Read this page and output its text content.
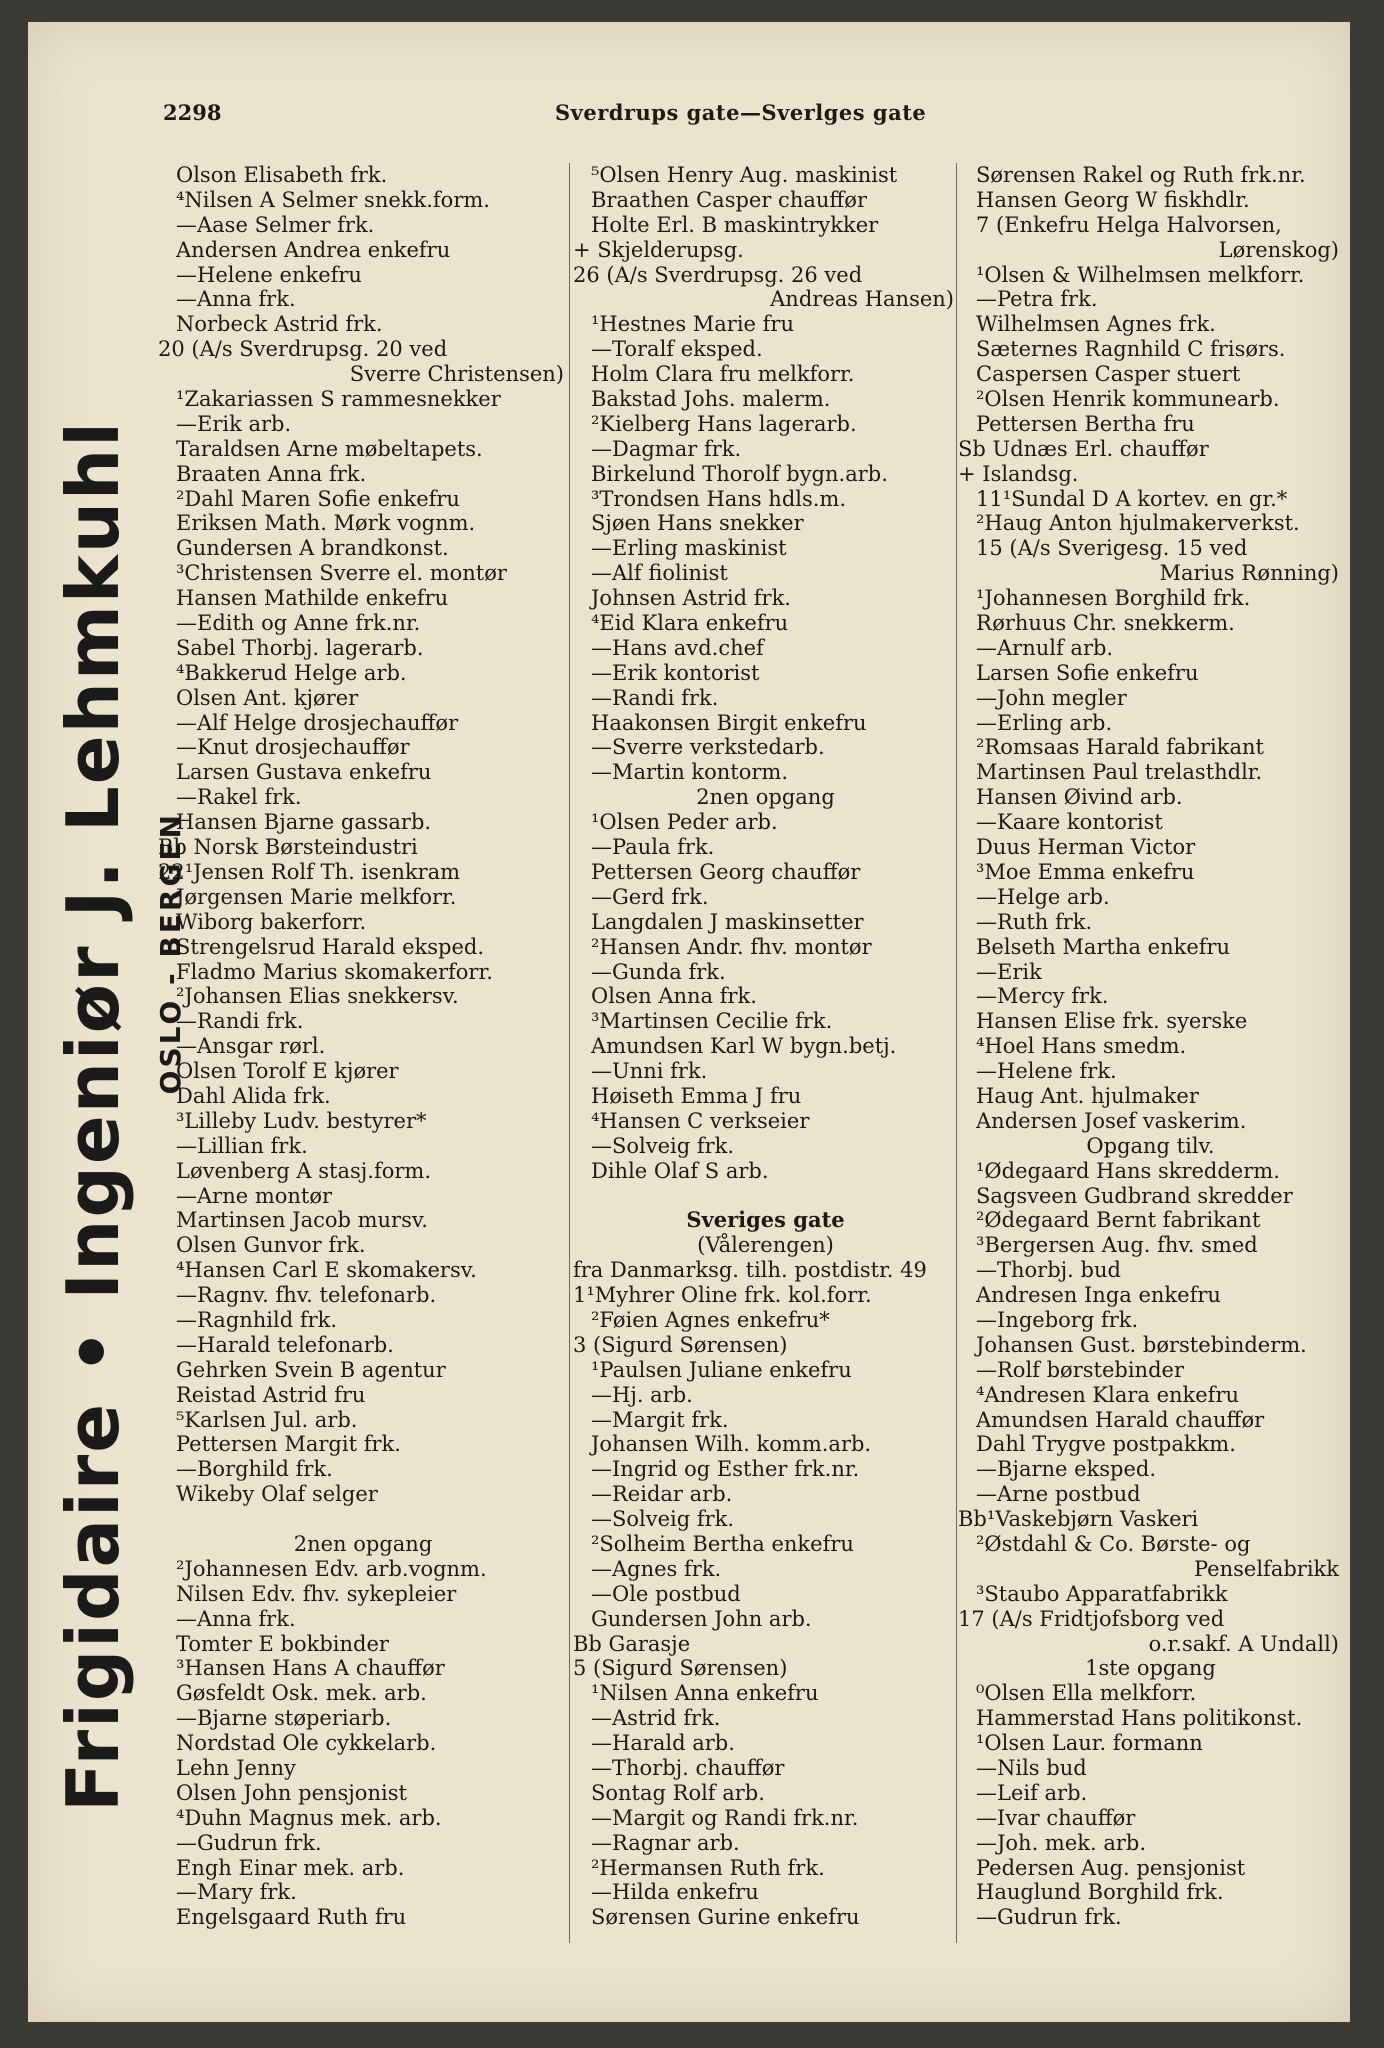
2298	Sverdrups gate—Sverlges gate
Frigidaire • Ingeniør J. Lehmkuhl OSLO - BERGEN
Olson Elisabeth frk.
⁴Nilsen A Selmer snekk.form.
—Aase Selmer frk.
Andersen Andrea enkefru
—Helene enkefru
—Anna frk.
Norbeck Astrid frk.
20 (A/s Sverdrupsg. 20 ved
Sverre Christensen)
¹Zakariassen S rammesnekker
—Erik arb.
Taraldsen Arne møbeltapets.
Braaten Anna frk.
²Dahl Maren Sofie enkefru
Eriksen Math. Mørk vognm.
Gundersen A brandkonst.
³Christensen Sverre el. montør
Hansen Mathilde enkefru
—Edith og Anne frk.nr.
Sabel Thorbj. lagerarb.
⁴Bakkerud Helge arb.
Olsen Ant. kjører
—Alf Helge drosjechauffør
—Knut drosjechauffør
Larsen Gustava enkefru
—Rakel frk.
Hansen Bjarne gassarb.
Bb Norsk Børsteindustri
22¹Jensen Rolf Th. isenkram
Jørgensen Marie melkforr.
Wiborg bakerforr.
Strengelsrud Harald eksped.
Fladmo Marius skomakerforr.
²Johansen Elias snekkersv.
—Randi frk.
—Ansgar rørl.
Olsen Torolf E kjører
Dahl Alida frk.
³Lilleby Ludv. bestyrer*
—Lillian frk.
Løvenberg A stasj.form.
—Arne montør
Martinsen Jacob mursv.
Olsen Gunvor frk.
⁴Hansen Carl E skomakersv.
—Ragnv. fhv. telefonarb.
—Ragnhild frk.
—Harald telefonarb.
Gehrken Svein B agentur
Reistad Astrid fru
⁵Karlsen Jul. arb.
Pettersen Margit frk.
—Borghild frk.
Wikeby Olaf selger
2nen opgang
²Johannesen Edv. arb.vognm.
Nilsen Edv. fhv. sykepleier
—Anna frk.
Tomter E bokbinder
³Hansen Hans A chauffør
Gøsfeldt Osk. mek. arb.
—Bjarne støperiarb.
Nordstad Ole cykkelarb.
Lehn Jenny
Olsen John pensjonist
⁴Duhn Magnus mek. arb.
—Gudrun frk.
Engh Einar mek. arb.
—Mary frk.
Engelsgaard Ruth fru
⁵Olsen Henry Aug. maskinist
Braathen Casper chauffør
Holte Erl. B maskintrykker
+ Skjelderupsg.
26 (A/s Sverdrupsg. 26 ved
Andreas Hansen)
¹Hestnes Marie fru
—Toralf eksped.
Holm Clara fru melkforr.
Bakstad Johs. malerm.
²Kielberg Hans lagerarb.
—Dagmar frk.
Birkelund Thorolf bygn.arb.
³Trondsen Hans hdls.m.
Sjøen Hans snekker
—Erling maskinist
—Alf fiolinist
Johnsen Astrid frk.
⁴Eid Klara enkefru
—Hans avd.chef
—Erik kontorist
—Randi frk.
Haakonsen Birgit enkefru
—Sverre verkstedarb.
—Martin kontorm.
2nen opgang
¹Olsen Peder arb.
—Paula frk.
Pettersen Georg chauffør
—Gerd frk.
Langdalen J maskinsetter
²Hansen Andr. fhv. montør
—Gunda frk.
Olsen Anna frk.
³Martinsen Cecilie frk.
Amundsen Karl W bygn.betj.
—Unni frk.
Høiseth Emma J fru
⁴Hansen C verkseier
—Solveig frk.
Dihle Olaf S arb.
Sveriges gate
(Vålerengen)
fra Danmarksg. tilh. postdistr. 49
1¹Myhrer Oline frk. kol.forr.
²Føien Agnes enkefru*
3 (Sigurd Sørensen)
¹Paulsen Juliane enkefru
—Hj. arb.
—Margit frk.
Johansen Wilh. komm.arb.
—Ingrid og Esther frk.nr.
—Reidar arb.
—Solveig frk.
²Solheim Bertha enkefru
—Agnes frk.
—Ole postbud
Gundersen John arb.
Bb Garasje
5 (Sigurd Sørensen)
¹Nilsen Anna enkefru
—Astrid frk.
—Harald arb.
—Thorbj. chauffør
Sontag Rolf arb.
—Margit og Randi frk.nr.
—Ragnar arb.
²Hermansen Ruth frk.
—Hilda enkefru
Sørensen Gurine enkefru
Sørensen Rakel og Ruth frk.nr.
Hansen Georg W fiskhdlr.
7 (Enkefru Helga Halvorsen,
Lørenskog)
¹Olsen & Wilhelmsen melkforr.
—Petra frk.
Wilhelmsen Agnes frk.
Sæternes Ragnhild C frisørs.
Caspersen Casper stuert
²Olsen Henrik kommunearb.
Pettersen Bertha fru
Sb Udnæs Erl. chauffør
+ Islandsg.
11¹Sundal D A kortev. en gr.*
²Haug Anton hjulmakerverkst.
15 (A/s Sverigesg. 15 ved
Marius Rønning)
¹Johannesen Borghild frk.
Rørhuus Chr. snekkerm.
—Arnulf arb.
Larsen Sofie enkefru
—John megler
—Erling arb.
²Romsaas Harald fabrikant
Martinsen Paul trelasthdlr.
Hansen Øivind arb.
—Kaare kontorist
Duus Herman Victor
³Moe Emma enkefru
—Helge arb.
—Ruth frk.
Belseth Martha enkefru
—Erik
—Mercy frk.
Hansen Elise frk. syerske
⁴Hoel Hans smedm.
—Helene frk.
Haug Ant. hjulmaker
Andersen Josef vaskerim.
Opgang tilv.
¹Ødegaard Hans skredderm.
Sagsveen Gudbrand skredder
²Ødegaard Bernt fabrikant
³Bergersen Aug. fhv. smed
—Thorbj. bud
Andresen Inga enkefru
—Ingeborg frk.
Johansen Gust. børstebinderm.
—Rolf børstebinder
⁴Andresen Klara enkefru
Amundsen Harald chauffør
Dahl Trygve postpakkm.
—Bjarne eksped.
—Arne postbud
Bb¹Vaskebjørn Vaskeri
²Østdahl & Co. Børste- og
Penselfabrikk
³Staubo Apparatfabrikk
17 (A/s Fridtjofsborg ved
o.r.sakf. A Undall)
1ste opgang
⁰Olsen Ella melkforr.
Hammerstad Hans politikonst.
¹Olsen Laur. formann
—Nils bud
—Leif arb.
—Ivar chauffør
—Joh. mek. arb.
Pedersen Aug. pensjonist
Hauglund Borghild frk.
—Gudrun frk.
